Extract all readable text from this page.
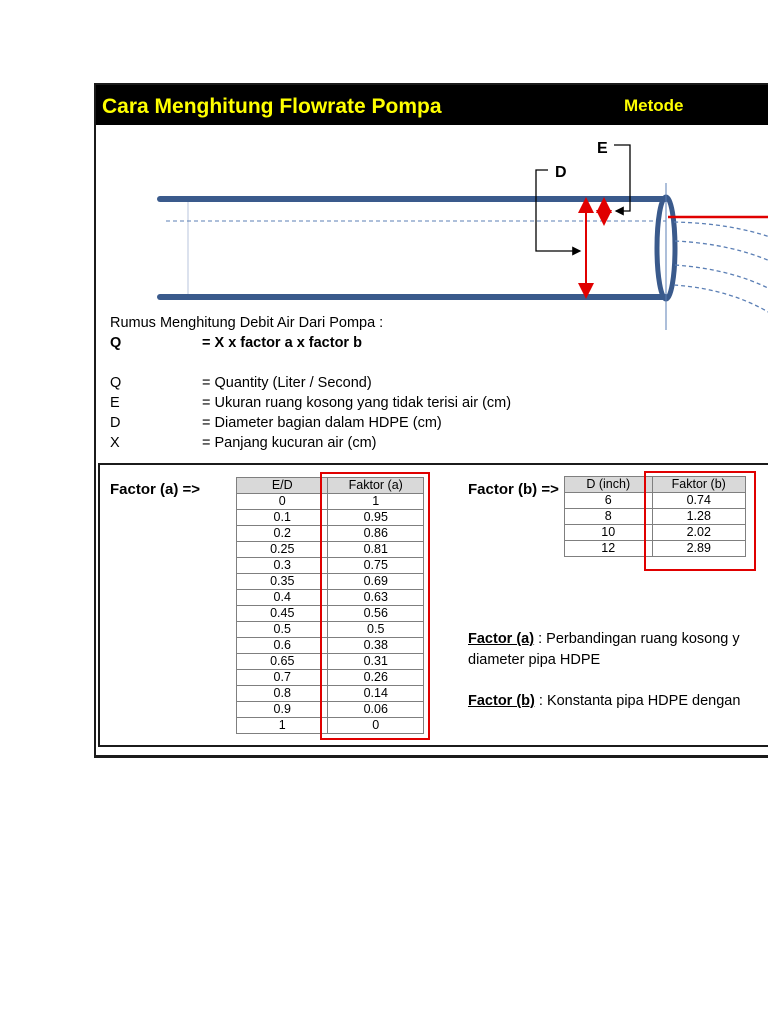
Cara Menghitung Flowrate Pompa	Metode
E
D
Rumus Menghitung Debit Air Dari Pompa :
Q	= X x factor a x factor b
Q	= Quantity (Liter / Second)
E	= Ukuran ruang kosong yang tidak terisi air (cm)
D	= Diameter bagian dalam HDPE (cm)
X	= Panjang kucuran air (cm)
Factor (a) =>	E/D	Faktor (a)
0	1
0.1	0.95
0.2	0.86
0.25	0.81
0.3	0.75
0.35	0.69
0.4	0.63
0.45	0.56
0.5	0.5
0.6	0.38
0.65	0.31
0.7	0.26
0.8	0.14
0.9	0.06
1	0
Factor (b) => D (inch)	Faktor (b)
6	0.74
8	1.28
10	2.02
12	2.89
Factor (a) : Perbandingan ruang kosong y
diameter pipa HDPE
Factor (b) : Konstanta pipa HDPE dengan
